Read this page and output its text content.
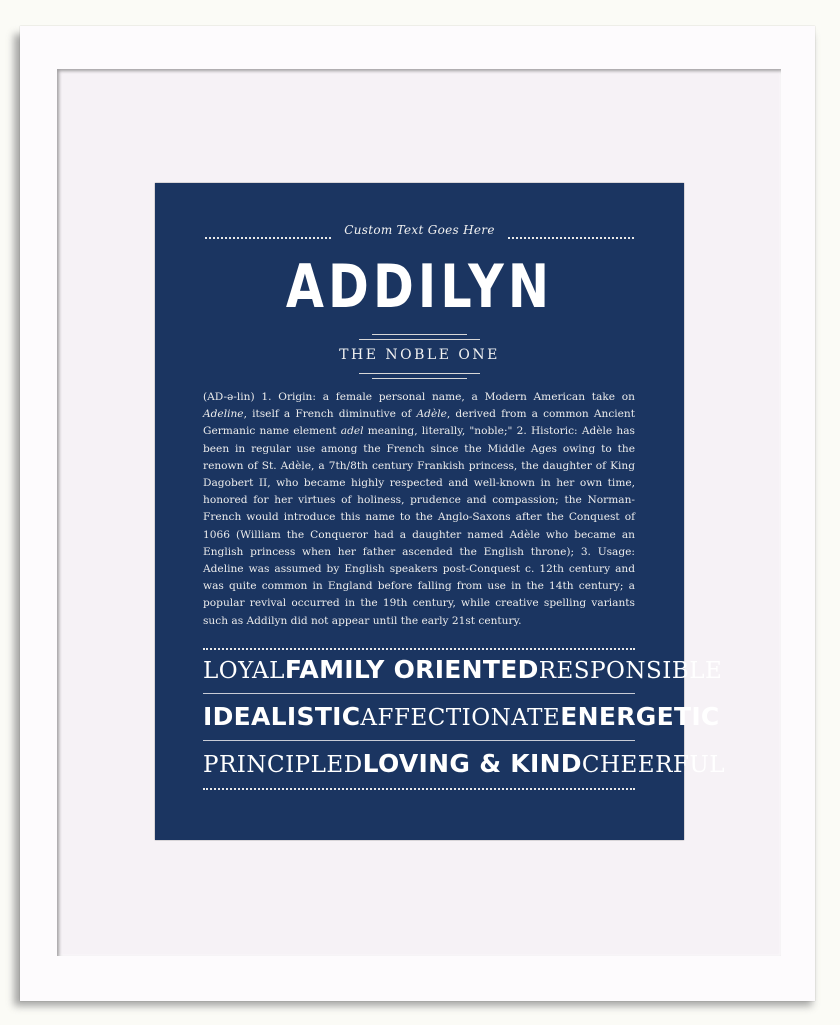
Custom Text Goes Here
ADDILYN
THE NOBLE ONE
(AD-ə-lin) 1. Origin: a female personal name, a Modern American take on Adeline, itself a French diminutive of Adèle, derived from a common Ancient Germanic name element adel meaning, literally, "noble;" 2. Historic: Adèle has been in regular use among the French since the Middle Ages owing to the renown of St. Adèle, a 7th/8th century Frankish princess, the daughter of King Dagobert II, who became highly respected and well-known in her own time, honored for her virtues of holiness, prudence and compassion; the Norman-French would introduce this name to the Anglo-Saxons after the Conquest of 1066 (William the Conqueror had a daughter named Adèle who became an English princess when her father ascended the English throne); 3. Usage: Adeline was assumed by English speakers post-Conquest c. 12th century and was quite common in England before falling from use in the 14th century; a popular revival occurred in the 19th century, while creative spelling variants such as Addilyn did not appear until the early 21st century.
LOYAL FAMILY ORIENTED RESPONSIBLE
IDEALISTIC AFFECTIONATE ENERGETIC
PRINCIPLED LOVING & KIND CHEERFUL
